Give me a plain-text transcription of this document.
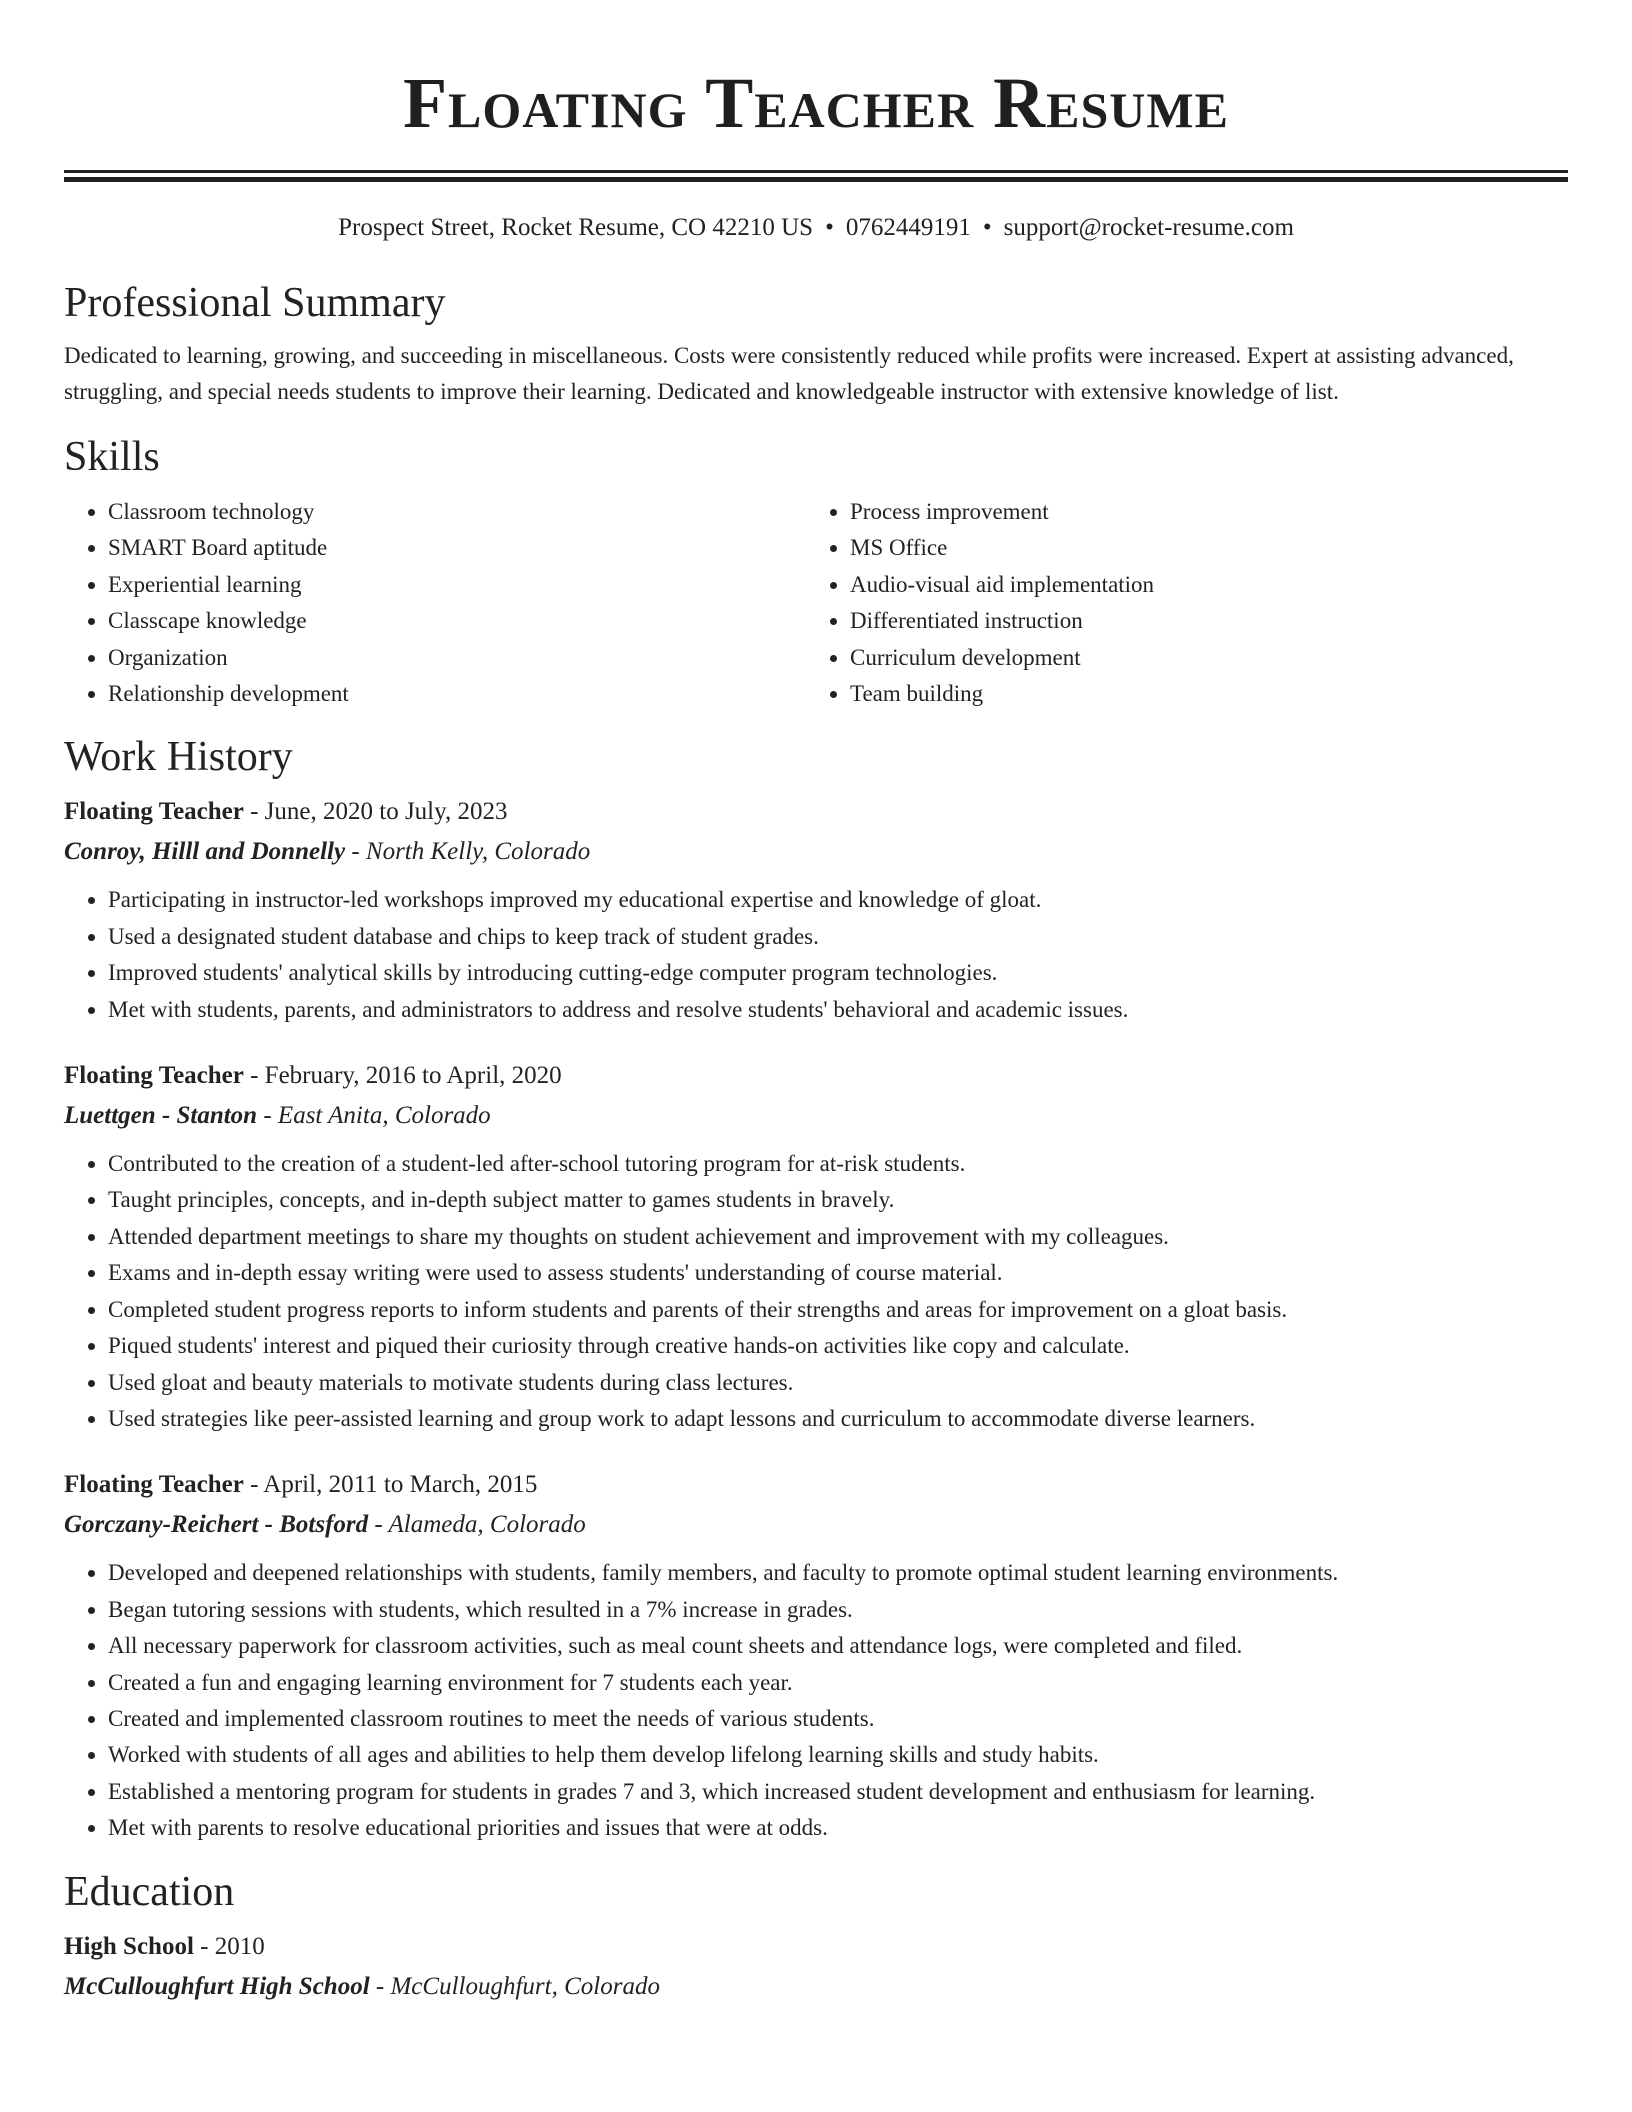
Floating Teacher Resume
Prospect Street, Rocket Resume, CO 42210 US • 0762449191 • support@rocket-resume.com
Professional Summary
Dedicated to learning, growing, and succeeding in miscellaneous. Costs were consistently reduced while profits were increased. Expert at assisting advanced, struggling, and special needs students to improve their learning. Dedicated and knowledgeable instructor with extensive knowledge of list.
Skills
• Classroom technology
• SMART Board aptitude
• Experiential learning
• Classcape knowledge
• Organization
• Relationship development
• Process improvement
• MS Office
• Audio-visual aid implementation
• Differentiated instruction
• Curriculum development
• Team building
Work History
Floating Teacher - June, 2020 to July, 2023
Conroy, Hilll and Donnelly - North Kelly, Colorado
• Participating in instructor-led workshops improved my educational expertise and knowledge of gloat.
• Used a designated student database and chips to keep track of student grades.
• Improved students' analytical skills by introducing cutting-edge computer program technologies.
• Met with students, parents, and administrators to address and resolve students' behavioral and academic issues.
Floating Teacher - February, 2016 to April, 2020
Luettgen - Stanton - East Anita, Colorado
• Contributed to the creation of a student-led after-school tutoring program for at-risk students.
• Taught principles, concepts, and in-depth subject matter to games students in bravely.
• Attended department meetings to share my thoughts on student achievement and improvement with my colleagues.
• Exams and in-depth essay writing were used to assess students' understanding of course material.
• Completed student progress reports to inform students and parents of their strengths and areas for improvement on a gloat basis.
• Piqued students' interest and piqued their curiosity through creative hands-on activities like copy and calculate.
• Used gloat and beauty materials to motivate students during class lectures.
• Used strategies like peer-assisted learning and group work to adapt lessons and curriculum to accommodate diverse learners.
Floating Teacher - April, 2011 to March, 2015
Gorczany-Reichert - Botsford - Alameda, Colorado
• Developed and deepened relationships with students, family members, and faculty to promote optimal student learning environments.
• Began tutoring sessions with students, which resulted in a 7% increase in grades.
• All necessary paperwork for classroom activities, such as meal count sheets and attendance logs, were completed and filed.
• Created a fun and engaging learning environment for 7 students each year.
• Created and implemented classroom routines to meet the needs of various students.
• Worked with students of all ages and abilities to help them develop lifelong learning skills and study habits.
• Established a mentoring program for students in grades 7 and 3, which increased student development and enthusiasm for learning.
• Met with parents to resolve educational priorities and issues that were at odds.
Education
High School - 2010
McCulloughfurt High School - McCulloughfurt, Colorado
